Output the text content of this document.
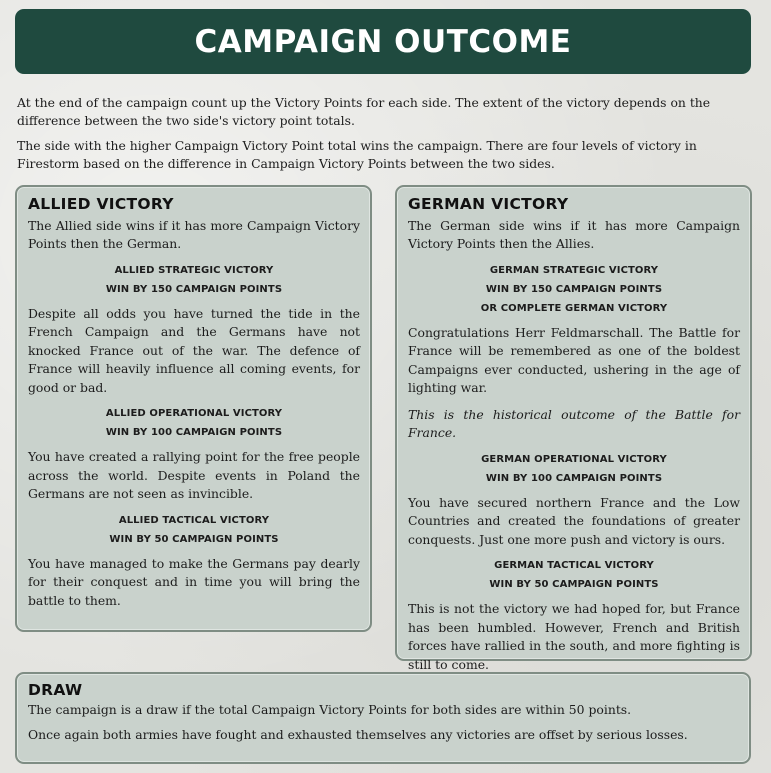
CAMPAIGN OUTCOME

At the end of the campaign count up the Victory Points for each side. The extent of the victory depends on the difference between the two side's victory point totals.

The side with the higher Campaign Victory Point total wins the campaign. There are four levels of victory in Firestorm based on the difference in Campaign Victory Points between the two sides.

ALLIED VICTORY

The Allied side wins if it has more Campaign Victory Points then the German.

ALLIED STRATEGIC VICTORY
WIN BY 150 CAMPAIGN POINTS

Despite all odds you have turned the tide in the French Campaign and the Germans have not knocked France out of the war. The defence of France will heavily influence all coming events, for good or bad.

ALLIED OPERATIONAL VICTORY
WIN BY 100 CAMPAIGN POINTS

You have created a rallying point for the free people across the world. Despite events in Poland the Germans are not seen as invincible.

ALLIED TACTICAL VICTORY
WIN BY 50 CAMPAIGN POINTS

You have managed to make the Germans pay dearly for their conquest and in time you will bring the battle to them.

GERMAN VICTORY

The German side wins if it has more Campaign Victory Points then the Allies.

GERMAN STRATEGIC VICTORY
WIN BY 150 CAMPAIGN POINTS
OR COMPLETE GERMAN VICTORY

Congratulations Herr Feldmarschall. The Battle for France will be remembered as one of the boldest Campaigns ever conducted, ushering in the age of lighting war.

This is the historical outcome of the Battle for France.

GERMAN OPERATIONAL VICTORY
WIN BY 100 CAMPAIGN POINTS

You have secured northern France and the Low Countries and created the foundations of greater conquests. Just one more push and victory is ours.

GERMAN TACTICAL VICTORY
WIN BY 50 CAMPAIGN POINTS

This is not the victory we had hoped for, but France has been humbled. However, French and British forces have rallied in the south, and more fighting is still to come.

DRAW

The campaign is a draw if the total Campaign Victory Points for both sides are within 50 points.

Once again both armies have fought and exhausted themselves any victories are offset by serious losses.
